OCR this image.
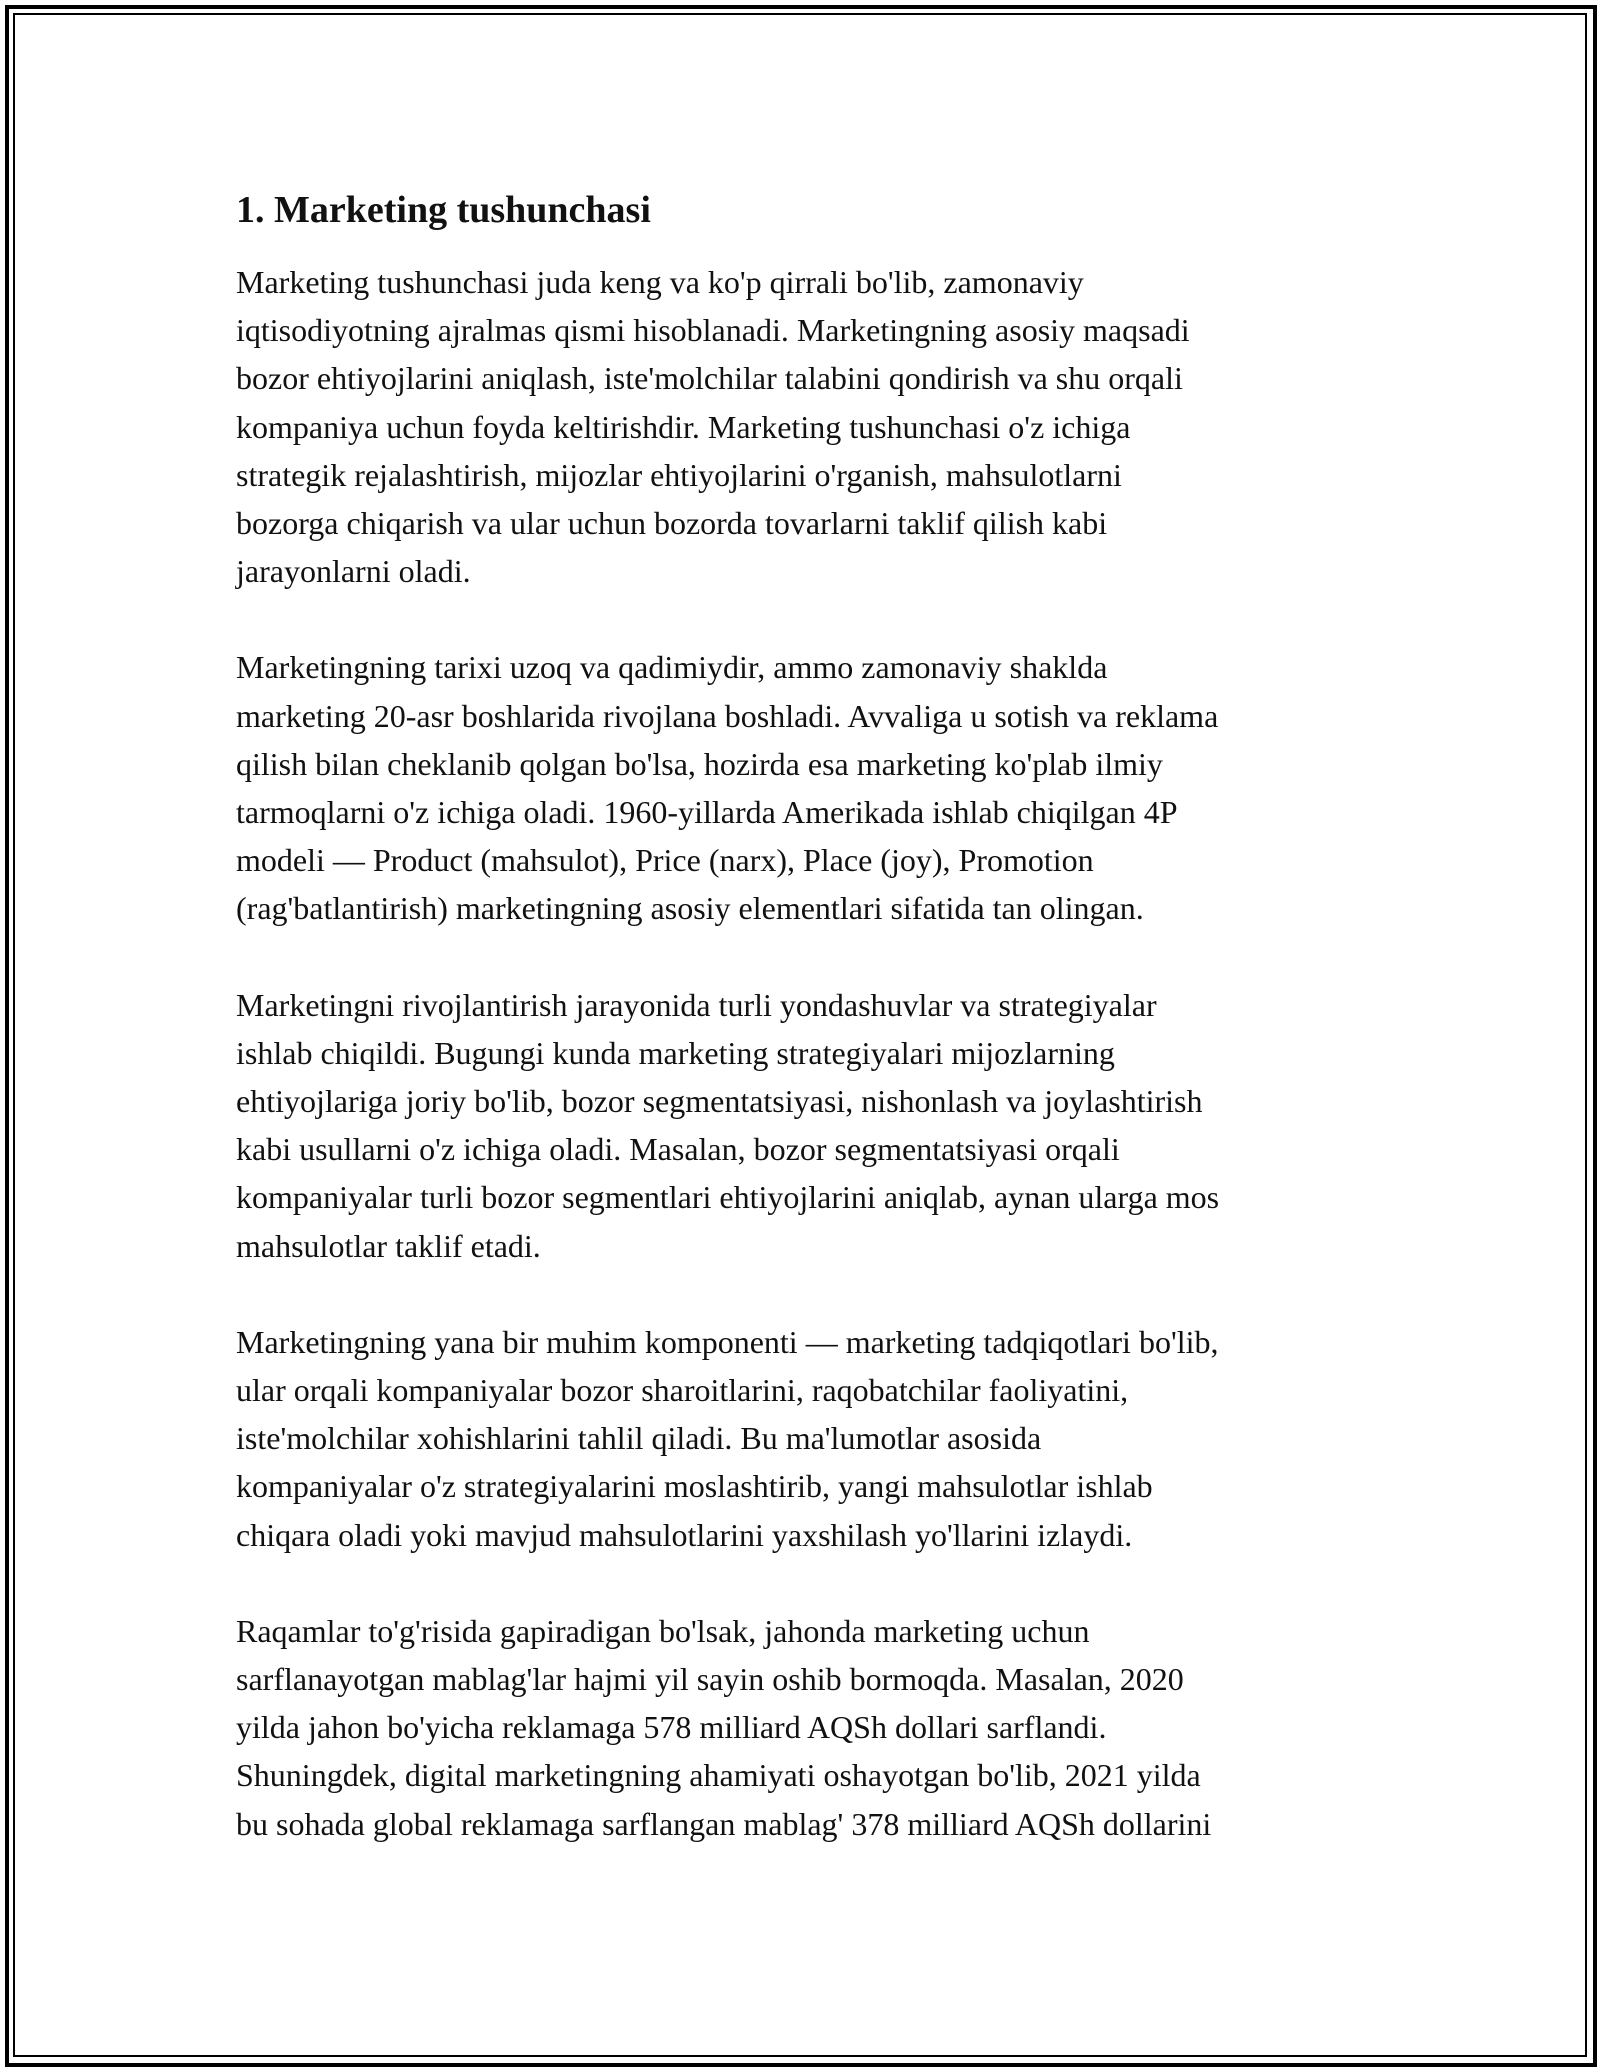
1. Marketing tushunchasi
Marketing tushunchasi juda keng va ko'p qirrali bo'lib, zamonaviy
iqtisodiyotning ajralmas qismi hisoblanadi. Marketingning asosiy maqsadi
bozor ehtiyojlarini aniqlash, iste'molchilar talabini qondirish va shu orqali
kompaniya uchun foyda keltirishdir. Marketing tushunchasi o'z ichiga
strategik rejalashtirish, mijozlar ehtiyojlarini o'rganish, mahsulotlarni
bozorga chiqarish va ular uchun bozorda tovarlarni taklif qilish kabi
jarayonlarni oladi.
Marketingning tarixi uzoq va qadimiydir, ammo zamonaviy shaklda
marketing 20-asr boshlarida rivojlana boshladi. Avvaliga u sotish va reklama
qilish bilan cheklanib qolgan bo'lsa, hozirda esa marketing ko'plab ilmiy
tarmoqlarni o'z ichiga oladi. 1960-yillarda Amerikada ishlab chiqilgan 4P
modeli — Product (mahsulot), Price (narx), Place (joy), Promotion
(rag'batlantirish) marketingning asosiy elementlari sifatida tan olingan.
Marketingni rivojlantirish jarayonida turli yondashuvlar va strategiyalar
ishlab chiqildi. Bugungi kunda marketing strategiyalari mijozlarning
ehtiyojlariga joriy bo'lib, bozor segmentatsiyasi, nishonlash va joylashtirish
kabi usullarni o'z ichiga oladi. Masalan, bozor segmentatsiyasi orqali
kompaniyalar turli bozor segmentlari ehtiyojlarini aniqlab, aynan ularga mos
mahsulotlar taklif etadi.
Marketingning yana bir muhim komponenti — marketing tadqiqotlari bo'lib,
ular orqali kompaniyalar bozor sharoitlarini, raqobatchilar faoliyatini,
iste'molchilar xohishlarini tahlil qiladi. Bu ma'lumotlar asosida
kompaniyalar o'z strategiyalarini moslashtirib, yangi mahsulotlar ishlab
chiqara oladi yoki mavjud mahsulotlarini yaxshilash yo'llarini izlaydi.
Raqamlar to'g'risida gapiradigan bo'lsak, jahonda marketing uchun
sarflanayotgan mablag'lar hajmi yil sayin oshib bormoqda. Masalan, 2020
yilda jahon bo'yicha reklamaga 578 milliard AQSh dollari sarflandi.
Shuningdek, digital marketingning ahamiyati oshayotgan bo'lib, 2021 yilda
bu sohada global reklamaga sarflangan mablag' 378 milliard AQSh dollarini
